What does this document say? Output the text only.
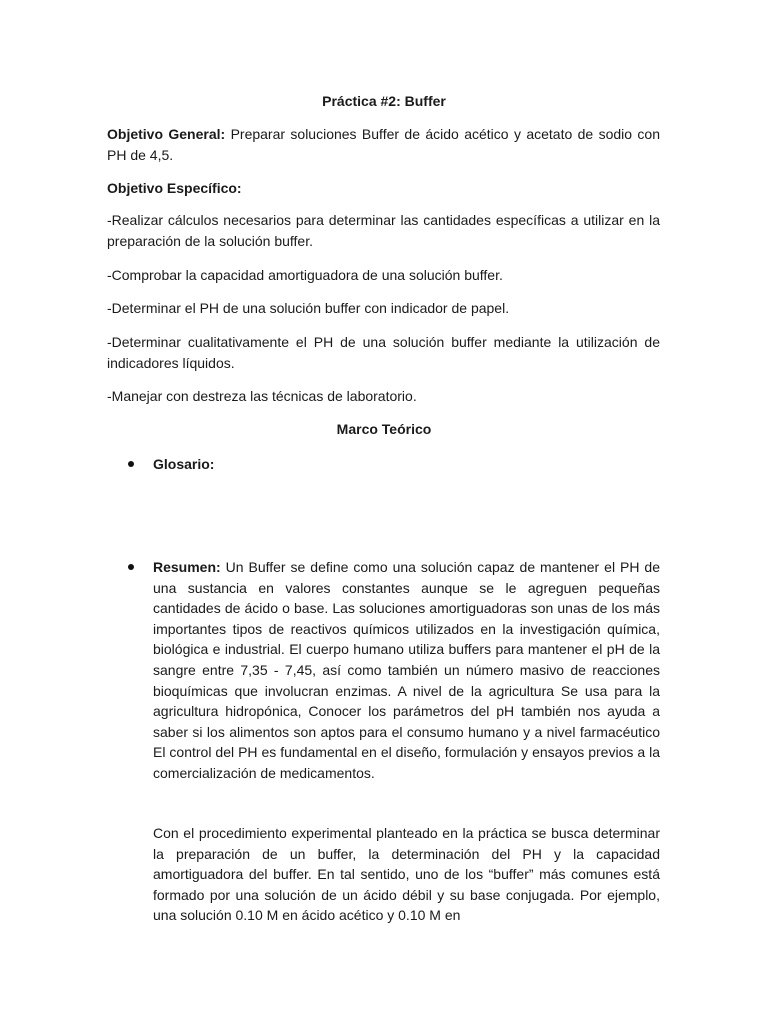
Práctica #2: Buffer

Objetivo General: Preparar soluciones Buffer de ácido acético y acetato de sodio con PH de 4,5.

Objetivo Específico:

-Realizar cálculos necesarios para determinar las cantidades específicas a utilizar en la preparación de la solución buffer.

-Comprobar la capacidad amortiguadora de una solución buffer.

-Determinar el PH de una solución buffer con indicador de papel.

-Determinar cualitativamente el PH de una solución buffer mediante la utilización de indicadores líquidos.

-Manejar con destreza las técnicas de laboratorio.

Marco Teórico
Glosario:
Resumen: Un Buffer se define como una solución capaz de mantener el PH de una sustancia en valores constantes aunque se le agreguen pequeñas cantidades de ácido o base. Las soluciones amortiguadoras son unas de los más importantes tipos de reactivos químicos utilizados en la investigación química, biológica e industrial. El cuerpo humano utiliza buffers para mantener el pH de la sangre entre 7,35 - 7,45, así como también un número masivo de reacciones bioquímicas que involucran enzimas. A nivel de la agricultura Se usa para la agricultura hidropónica, Conocer los parámetros del pH también nos ayuda a saber si los alimentos son aptos para el consumo humano y a nivel farmacéutico El control del PH es fundamental en el diseño, formulación y ensayos previos a la comercialización de medicamentos.
Con el procedimiento experimental planteado en la práctica se busca determinar la preparación de un buffer, la determinación del PH y la capacidad amortiguadora del buffer. En tal sentido, uno de los “buffer” más comunes está formado por una solución de un ácido débil y su base conjugada. Por ejemplo, una solución 0.10 M en ácido acético y 0.10 M en
